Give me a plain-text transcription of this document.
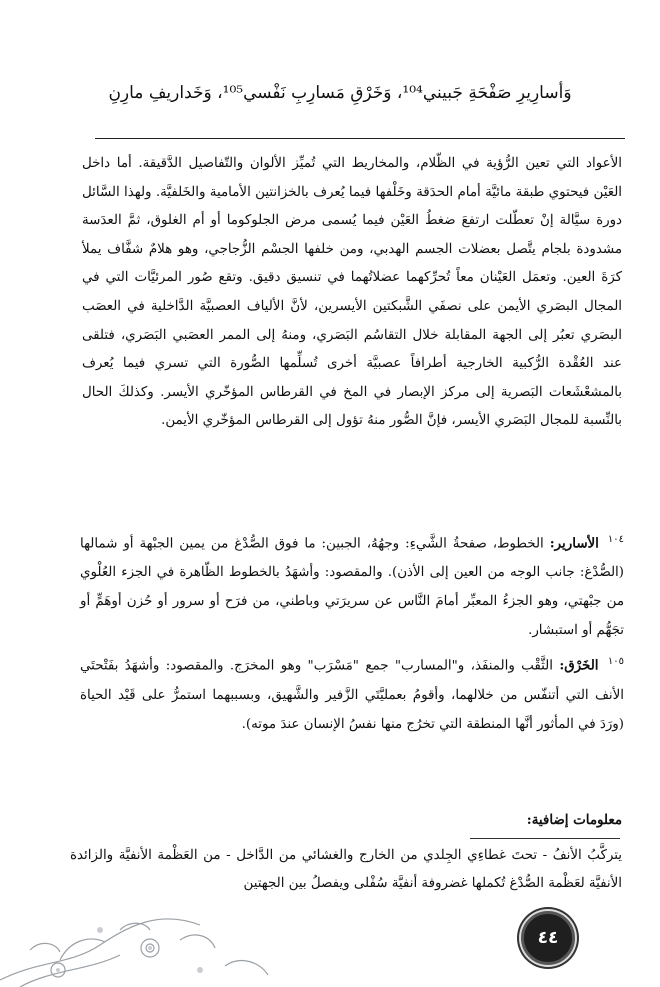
وَأسارِيرِ صَفْحَةِ جَبيني¹⁰⁴، وَخَرْقِ مَسارِبِ نَفْسي¹⁰⁵، وَخَداريفِ مارِنِ

الأعواد التي تعين الرُّؤية في الظّلام، والمخاريط التي تُميِّز الألوان والتّفاصيل الدَّقيقة. أما داخل العَيْن فيحتوي طبقة مائيَّة أمام الحدَقة وخَلْفها فيما يُعرف بالخزانتين الأمامية والخَلفيَّة. ولهذا السَّائل دورة سيَّالة إنْ تعطّلت ارتفعَ ضغطُ العَيْن فيما يُسمى مرض الجلوكوما أو أم الغلوق، ثمَّ العدَسة مشدودة بلجام يتَّصل بعضلات الجسم الهدبي، ومن خلفها الجسْم الزُّجاجي، وهو هلامٌ شفَّاف يملأ كرَةَ العين. وتعمَل العَيْنان معاً تُحرِّكهما عضلاتُهما في تنسيق دقيق. وتقع صُور المرئيَّات التي في المجال البصَري الأيمن على نصفَي الشَّبكتين الأيسرين، لأنَّ الألياف العصبيَّة الدَّاخلية في العصَب البصَري تعبُر إلى الجهة المقابلة خلال التقاسُم البَصَري، ومنهُ إلى الممر العصَبي البَصَري، فتلقى عند العُقْدة الرُّكبية الخارجية أطرافاً عصبيَّة أخرى تُسلِّمها الصُّورة التي تسري فيما يُعرف بالمشعْشَعات البَصرية إلى مركز الإبصار في المخ في القرطاس المؤخّري الأيسر. وكذلكَ الحال بالنِّسبة للمجال البَصَري الأيسر، فإنَّ الصُّور منهُ تؤول إلى القرطاس المؤخّري الأيمن.

$^{١٠٤}$ الأسارير: الخطوط، صفحةُ الشَّيءِ: وجهُهُ، الجبين: ما فوق الصُّدْغ من يمين الجبْهة أو شمالها (الصُّدْغ: جانب الوجه من العين إلى الأذن). والمقصود: وأشهَدُ بالخطوط الظّاهرة في الجزء العُلْوي من جبْهتي، وهو الجزءُ المعبِّر أمامَ النَّاس عن سريرَتي وباطني، من فرَح أو سرور أو حُزن أوهَمٍّ أو تجَهُّم أو استبشار.

$^{١٠٥}$ الخَرْق: الثَّقْب والمنفَذ، و"المسارب" جمع "مَسْرَب" وهو المخرَج. والمقصود: وأشهَدُ بفَتْحتَي الأنف التي أتنفّس من خلالهما، وأقومُ بعمليَّتَي الزَّفير والشَّهيق، وبسببهما استمرُّ على قَيْد الحياة (ورَدَ في المأثور أنَّها المنطقة التي تخرُج منها نفسُ الإنسان عندَ موته).

معلومات إضافية:
يتركَّبُ الأنفُ - تحتَ غطاءِي الجِلدي من الخارج والغشائي من الدَّاخل - من العَظْمة الأنفيَّة والزائدة الأنفيَّة لعَظْمة الصُّدْغ تُكملها غضروفة أنفيَّة سُفْلى ويفصلُ بين الجهتين
٤٤
